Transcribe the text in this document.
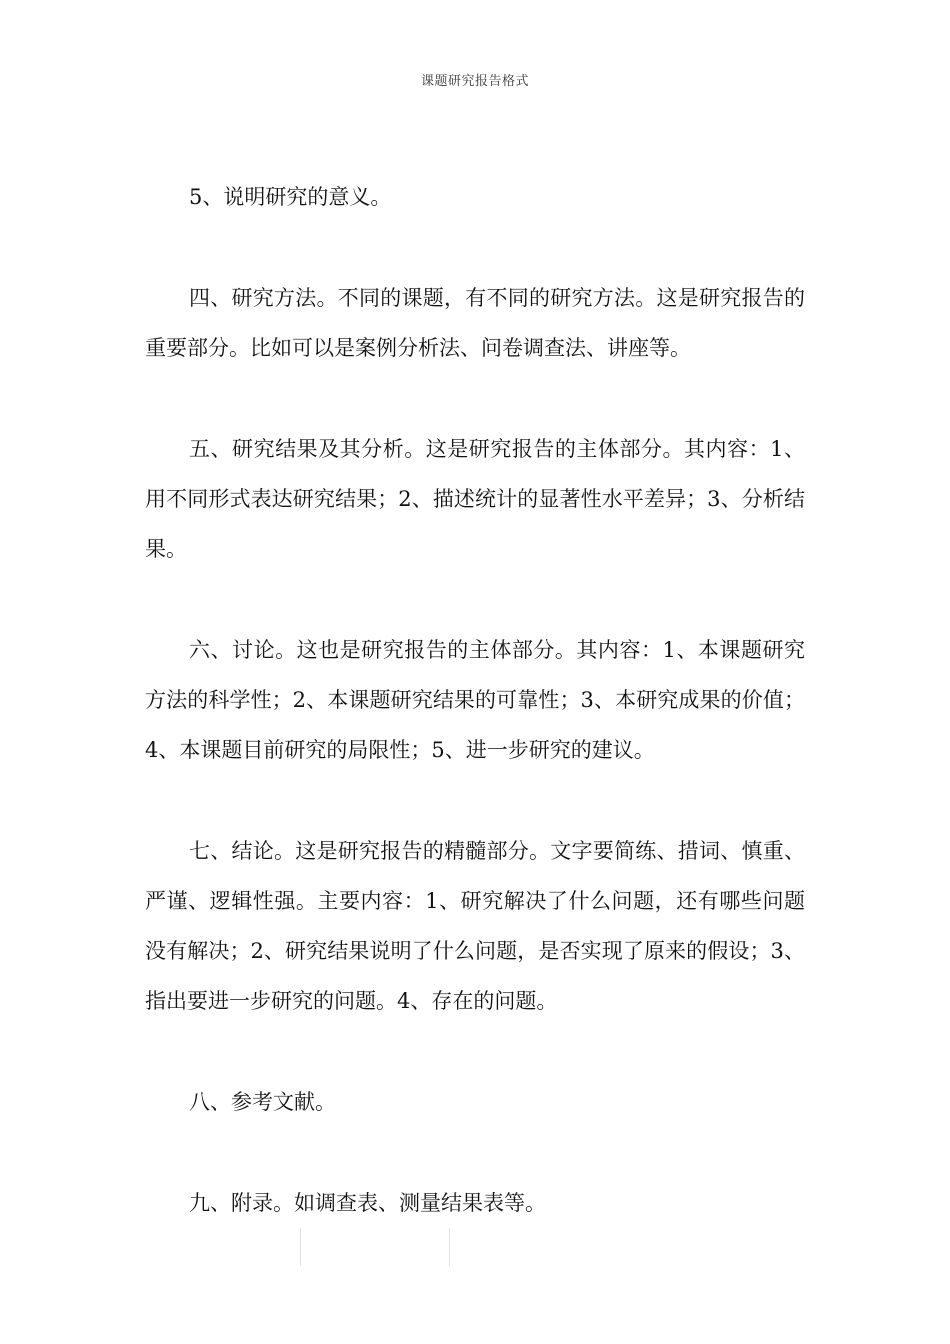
课题研究报告格式

5、说明研究的意义。

四、研究方法。不同的课题，有不同的研究方法。这是研究报告的重要部分。比如可以是案例分析法、问卷调查法、讲座等。

五、研究结果及其分析。这是研究报告的主体部分。其内容：1、用不同形式表达研究结果；2、描述统计的显著性水平差异；3、分析结果。

六、讨论。这也是研究报告的主体部分。其内容：1、本课题研究方法的科学性；2、本课题研究结果的可靠性；3、本研究成果的价值；4、本课题目前研究的局限性；5、进一步研究的建议。

七、结论。这是研究报告的精髓部分。文字要简练、措词、慎重、严谨、逻辑性强。主要内容：1、研究解决了什么问题，还有哪些问题没有解决；2、研究结果说明了什么问题，是否实现了原来的假设；3、指出要进一步研究的问题。4、存在的问题。

八、参考文献。

九、附录。如调查表、测量结果表等。
